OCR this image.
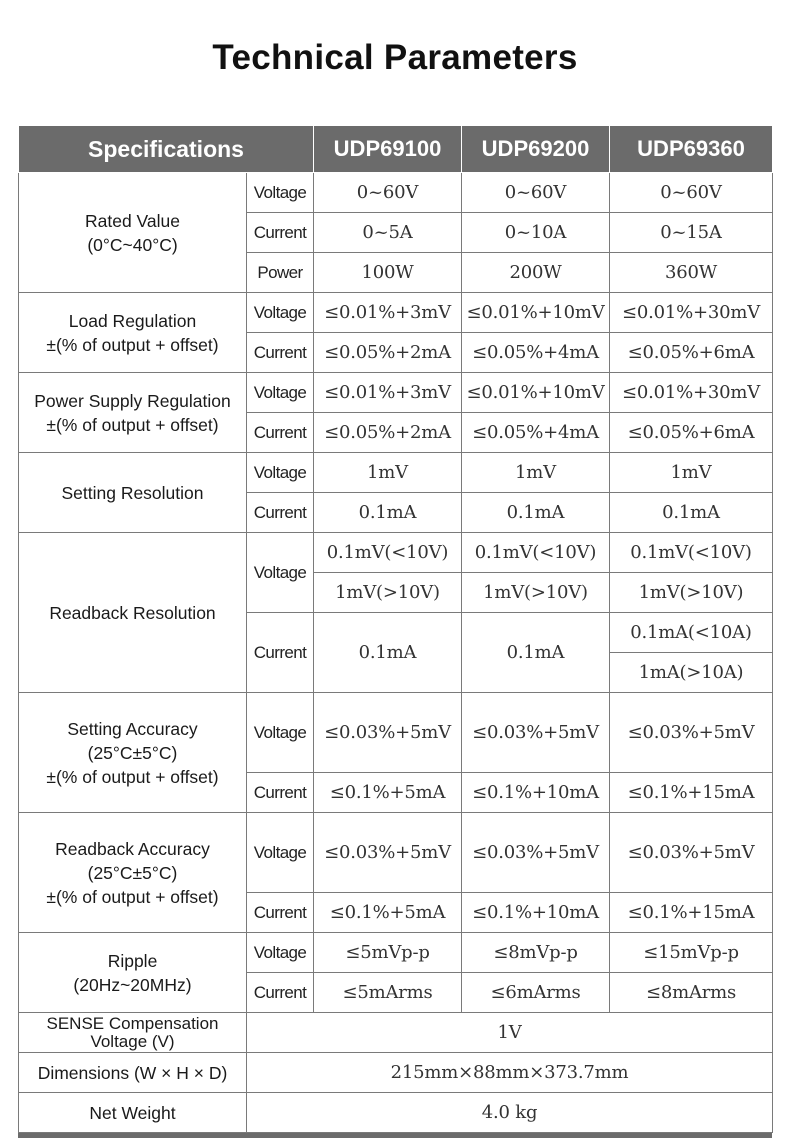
Technical Parameters
Specifications		UDP69100	UDP69200	UDP69360

Rated Value
(0°C~40°C)	Voltage	0~60V	0~60V	0~60V
	Current	0~5A	0~10A	0~15A
	Power	100W	200W	360W

Load Regulation
±(% of output + offset)	Voltage	≤0.01%+3mV	≤0.01%+10mV	≤0.01%+30mV
	Current	≤0.05%+2mA	≤0.05%+4mA	≤0.05%+6mA

Power Supply Regulation
±(% of output + offset)	Voltage	≤0.01%+3mV	≤0.01%+10mV	≤0.01%+30mV
	Current	≤0.05%+2mA	≤0.05%+4mA	≤0.05%+6mA

Setting Resolution	Voltage	1mV	1mV	1mV
	Current	0.1mA	0.1mA	0.1mA

Readback Resolution	Voltage	0.1mV(<10V)	0.1mV(<10V)	0.1mV(<10V)
		1mV(>10V)	1mV(>10V)	1mV(>10V)
	Current	0.1mA	0.1mA	0.1mA(<10A)
				1mA(>10A)

Setting Accuracy
(25°C±5°C)
±(% of output + offset)	Voltage	≤0.03%+5mV	≤0.03%+5mV	≤0.03%+5mV
	Current	≤0.1%+5mA	≤0.1%+10mA	≤0.1%+15mA

Readback Accuracy
(25°C±5°C)
±(% of output + offset)	Voltage	≤0.03%+5mV	≤0.03%+5mV	≤0.03%+5mV
	Current	≤0.1%+5mA	≤0.1%+10mA	≤0.1%+15mA

Ripple
(20Hz~20MHz)	Voltage	≤5mVp-p	≤8mVp-p	≤15mVp-p
	Current	≤5mArms	≤6mArms	≤8mArms

SENSE Compensation
Voltage (V)	1V			
Dimensions (W × H × D)	215mm×88mm×373.7mm			
Net Weight	4.0 kg			
